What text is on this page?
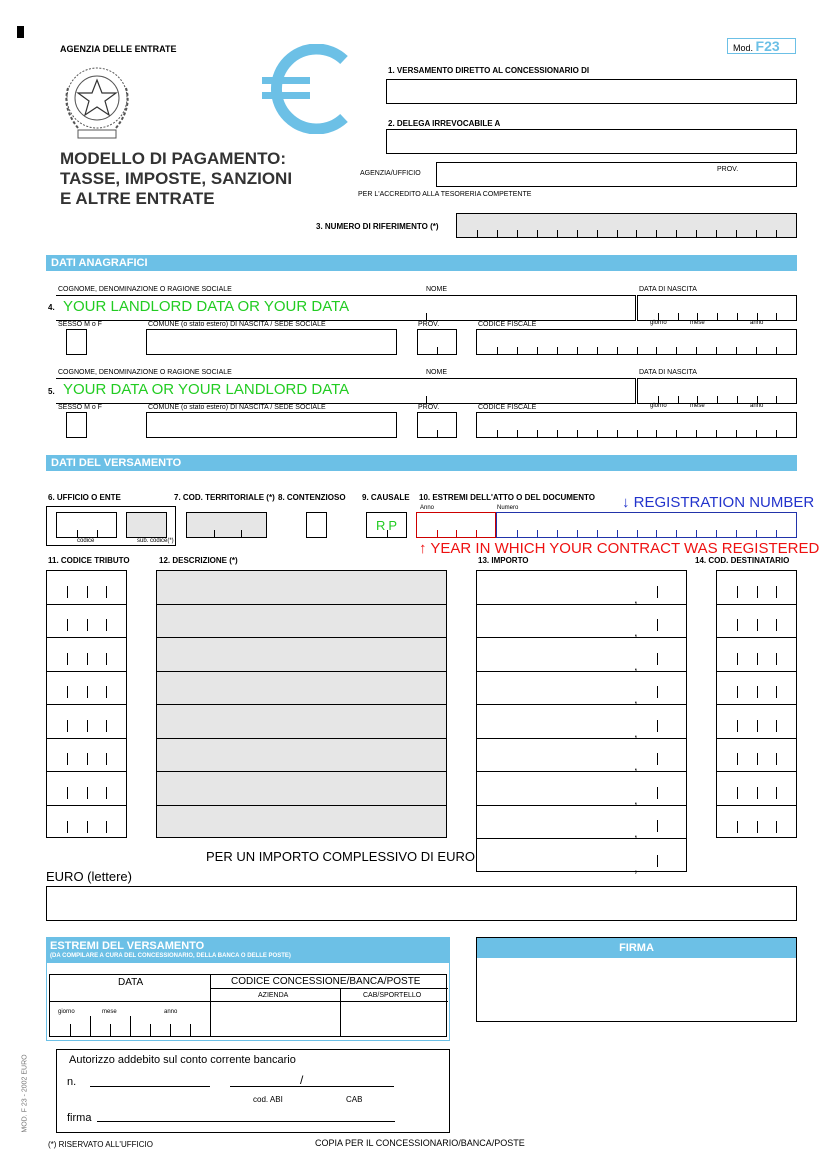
AGENZIA DELLE ENTRATE
MODELLO DI PAGAMENTO:
TASSE, IMPOSTE, SANZIONI
E ALTRE ENTRATE
Mod. F23
1. VERSAMENTO DIRETTO AL CONCESSIONARIO DI
2. DELEGA IRREVOCABILE A
AGENZIA/UFFICIO
PROV.
PER L'ACCREDITO ALLA TESORERIA COMPETENTE
3. NUMERO DI RIFERIMENTO (*)
DATI ANAGRAFICI
COGNOME, DENOMINAZIONE O RAGIONE SOCIALE	NOME	DATA DI NASCITA
4. YOUR LANDLORD DATA OR YOUR DATA
SESSO M o F	COMUNE (o stato estero) DI NASCITA / SEDE SOCIALE	PROV.	CODICE FISCALE	giorno	mese	anno
COGNOME, DENOMINAZIONE O RAGIONE SOCIALE	NOME	DATA DI NASCITA
5. YOUR DATA OR YOUR LANDLORD DATA
SESSO M o F	COMUNE (o stato estero) DI NASCITA / SEDE SOCIALE	PROV.	CODICE FISCALE	giorno	mese	anno
DATI DEL VERSAMENTO
6. UFFICIO O ENTE	7. COD. TERRITORIALE (*) 8. CONTENZIOSO 9. CAUSALE 10. ESTREMI DELL'ATTO O DEL DOCUMENTO ↓ REGISTRATION NUMBER
codice	sub. codice(*)
RP
Anno	Numero
↑ YEAR IN WHICH YOUR CONTRACT WAS REGISTERED
11. CODICE TRIBUTO	12. DESCRIZIONE (*)	13. IMPORTO	14. COD. DESTINATARIO
,
,
,
,
,
,
,
,
,
PER UN IMPORTO COMPLESSIVO DI EURO
EURO (lettere)
ESTREMI DEL VERSAMENTO
(DA COMPILARE A CURA DEL CONCESSIONARIO, DELLA BANCA O DELLE POSTE)
DATA	CODICE CONCESSIONE/BANCA/POSTE
AZIENDA	CAB/SPORTELLO
giorno	mese	anno
FIRMA
Autorizzo addebito sul conto corrente bancario
n.	/
cod. ABI	CAB
firma
MOD. F 23 - 2002 EURO
(*) RISERVATO ALL'UFFICIO	COPIA PER IL CONCESSIONARIO/BANCA/POSTE
